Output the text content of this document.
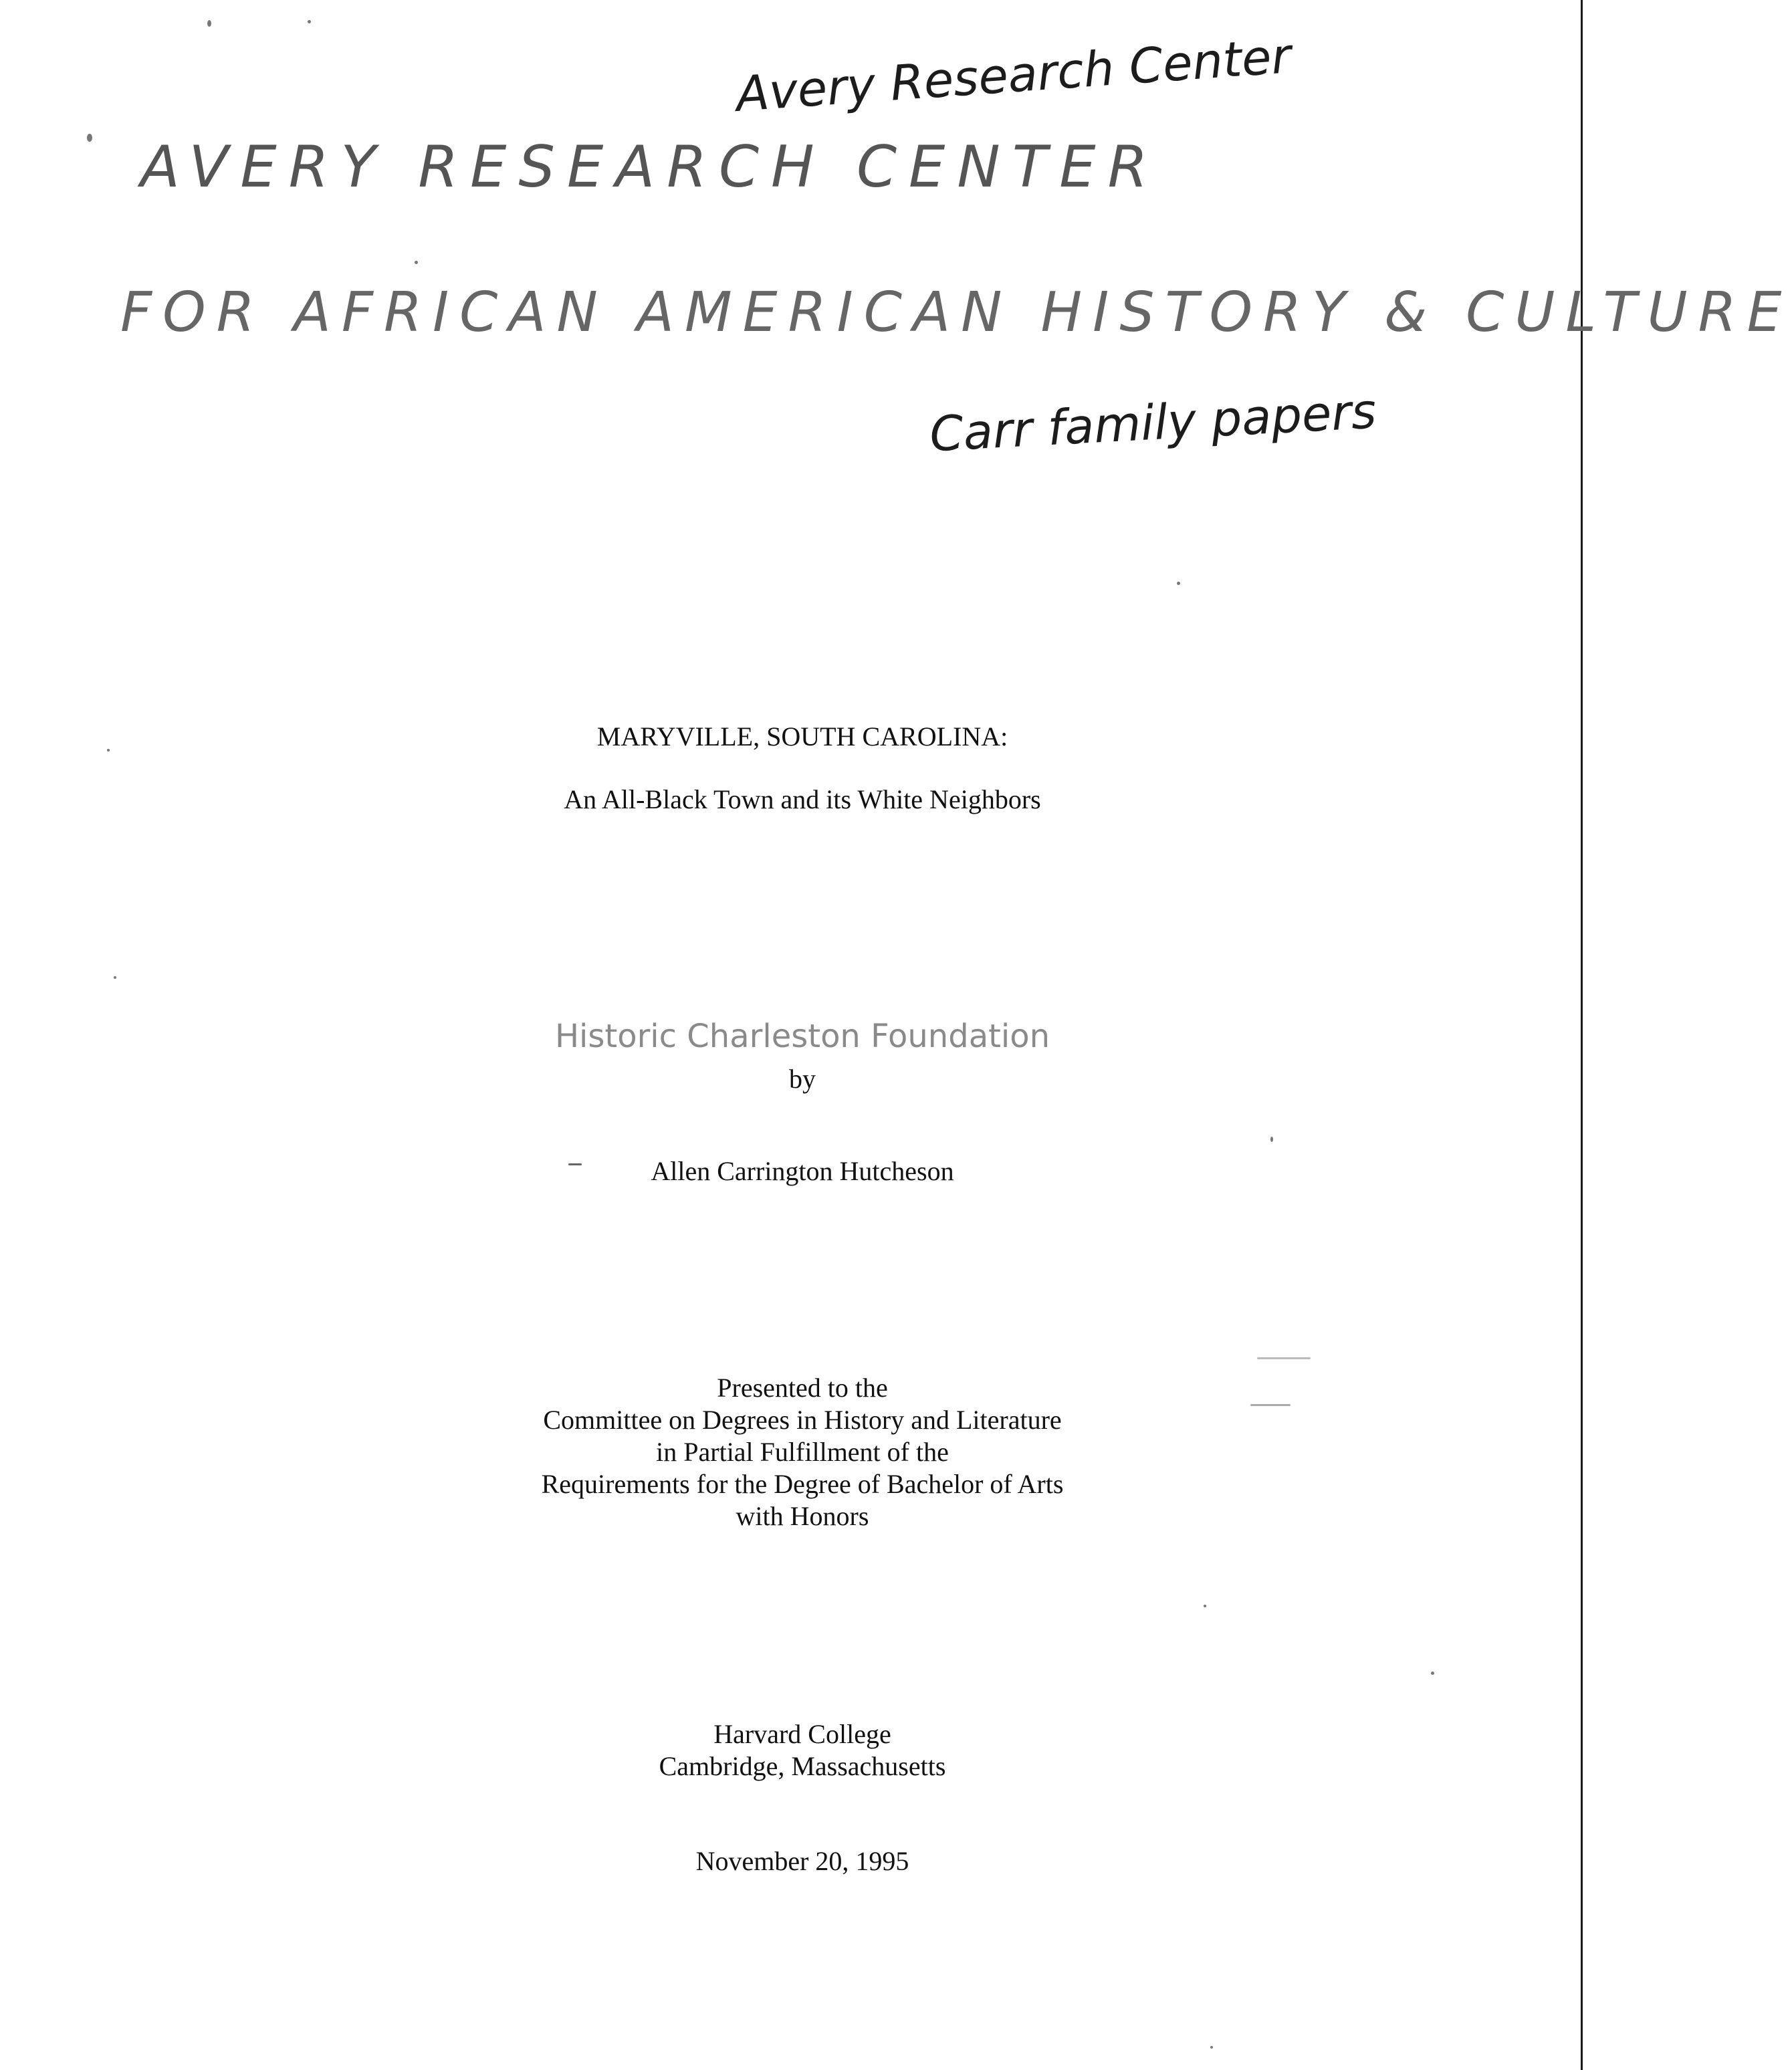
Avery Research Center
AVERY RESEARCH CENTER
FOR AFRICAN AMERICAN HISTORY & CULTURE
Carr family papers
MARYVILLE, SOUTH CAROLINA:
An All-Black Town and its White Neighbors
Historic Charleston Foundation
by
Allen Carrington Hutcheson
Presented to the
Committee on Degrees in History and Literature
in Partial Fulfillment of the
Requirements for the Degree of Bachelor of Arts
with Honors
Harvard College
Cambridge, Massachusetts
November 20, 1995
